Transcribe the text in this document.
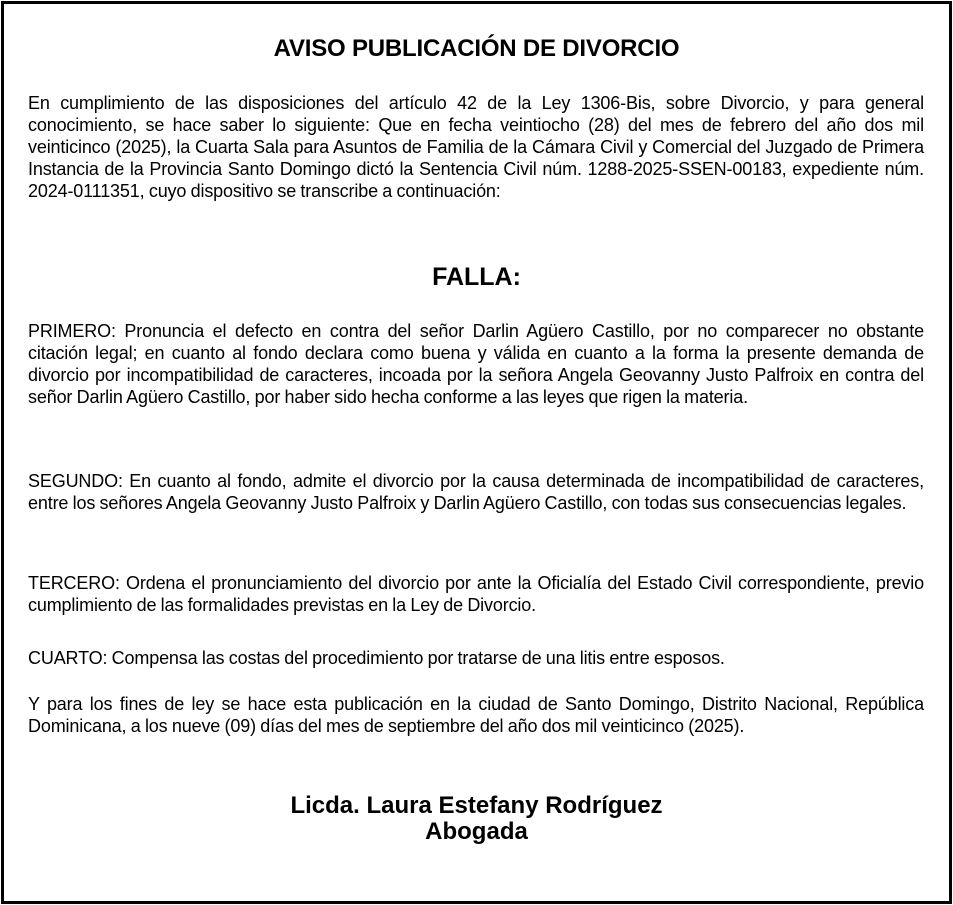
AVISO PUBLICACIÓN DE DIVORCIO

En cumplimiento de las disposiciones del artículo 42 de la Ley 1306-Bis, sobre Divorcio, y para general conocimiento, se hace saber lo siguiente: Que en fecha veintiocho (28) del mes de febrero del año dos mil veinticinco (2025), la Cuarta Sala para Asuntos de Familia de la Cámara Civil y Comercial del Juzgado de Primera Instancia de la Provincia Santo Domingo dictó la Sentencia Civil núm. 1288-2025-SSEN-00183, expediente núm. 2024-0111351, cuyo dispositivo se transcribe a continuación:

FALLA:

PRIMERO: Pronuncia el defecto en contra del señor Darlin Agüero Castillo, por no comparecer no obstante citación legal; en cuanto al fondo declara como buena y válida en cuanto a la forma la presente demanda de divorcio por incompatibilidad de caracteres, incoada por la señora Angela Geovanny Justo Palfroix en contra del señor Darlin Agüero Castillo, por haber sido hecha conforme a las leyes que rigen la materia.

SEGUNDO: En cuanto al fondo, admite el divorcio por la causa determinada de incompatibilidad de caracteres, entre los señores Angela Geovanny Justo Palfroix y Darlin Agüero Castillo, con todas sus consecuencias legales.

TERCERO: Ordena el pronunciamiento del divorcio por ante la Oficialía del Estado Civil correspondiente, previo cumplimiento de las formalidades previstas en la Ley de Divorcio.

CUARTO: Compensa las costas del procedimiento por tratarse de una litis entre esposos.

Y para los fines de ley se hace esta publicación en la ciudad de Santo Domingo, Distrito Nacional, República Dominicana, a los nueve (09) días del mes de septiembre del año dos mil veinticinco (2025).

Licda. Laura Estefany Rodríguez
Abogada
